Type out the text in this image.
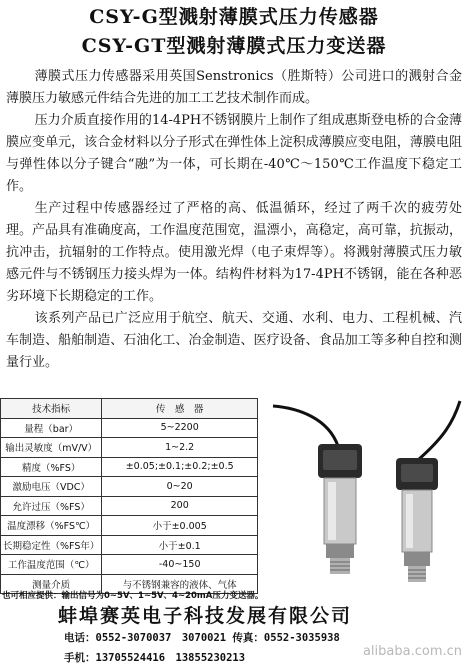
CSY-G型溅射薄膜式压力传感器
CSY-GT型溅射薄膜式压力变送器

薄膜式压力传感器采用英国Senstronics（胜斯特）公司进口的溅射合金薄膜压力敏感元件结合先进的加工工艺技术制作而成。

压力介质直接作用的14-4PH不锈钢膜片上制作了组成惠斯登电桥的合金薄膜应变单元，该合金材料以分子形式在弹性体上淀积成薄膜应变电阻，薄膜电阻与弹性体以分子键合“融”为一体，可长期在-40℃～150℃工作温度下稳定工作。

生产过程中传感器经过了严格的高、低温循环，经过了两千次的疲劳处理。产品具有准确度高，工作温度范围宽，温漂小，高稳定，高可靠，抗振动，抗冲击，抗辐射的工作特点。使用激光焊（电子束焊等）。将溅射薄膜式压力敏感元件与不锈钢压力接头焊为一体。结构件材料为17-4PH不锈钢，能在各种恶劣环境下长期稳定的工作。

该系列产品已广泛应用于航空、航天、交通、水利、电力、工程机械、汽车制造、船舶制造、石油化工、冶金制造、医疗设备、食品加工等多种自控和测量行业。

技术指标	传　感　器
量程（bar）	5~2200
输出灵敏度（mV/V）	1~2.2
精度（%FS）	±0.05;±0.1;±0.2;±0.5
激励电压（VDC）	0~20
允许过压（%FS）	200
温度漂移（%FS℃）	小于±0.005
长期稳定性（%FS年）	小于±0.1
工作温度范围（℃）	-40~150
测量介质	与不锈钢兼容的液体、气体
也可相应提供：输出信号为0~5V、1~5V、4~20mA压力变送器。
蚌埠赛英电子科技发展有限公司
电话：0552-3070037　3070021 传真：0552-3035938
手机：13705524416　13855230213	alibaba.com.cn
